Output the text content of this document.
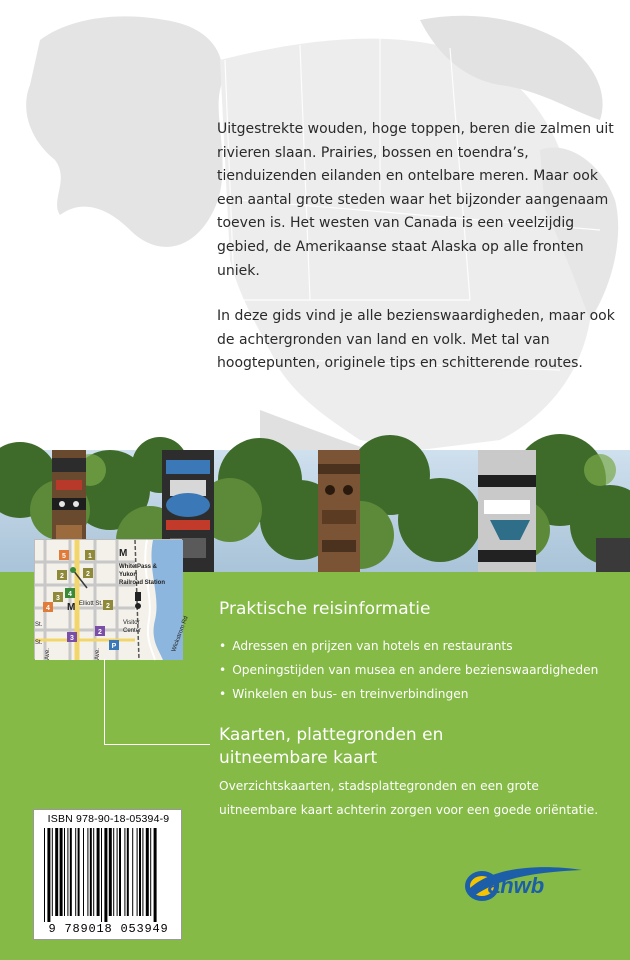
Uitgestrekte wouden, hoge toppen, beren die zalmen uit rivieren slaan. Prairies, bossen en toendra’s, tienduizenden eilanden en ontelbare meren. Maar ook een aantal grote steden waar het bijzonder aangenaam toeven is. Het westen van Canada is een veelzijdig gebied, de Amerikaanse staat Alaska op alle fronten uniek.

In deze gids vind je alle bezienswaardigheden, maar ook de achtergronden van land en volk. Met tal van hoogtepunten, originele tips en schitterende routes.

5	1
2	2
3
4
4	2
3
2
P
M
M
White Pass &
Yukon
Railroad Station
Elliott St.
Visitor
Center
St.
St.
Ave.	Ave.
Wickstrom Rd
Praktische reisinformatie
• Adressen en prijzen van hotels en restaurants
• Openingstijden van musea en andere bezienswaardigheden
• Winkelen en bus- en treinverbindingen
Kaarten, plattegronden en uitneembare kaart
Overzichtskaarten, stadsplattegronden en een grote uitneembare kaart achterin zorgen voor een goede oriëntatie.
ISBN 978-90-18-05394-9
9 789018 053949
anwb
